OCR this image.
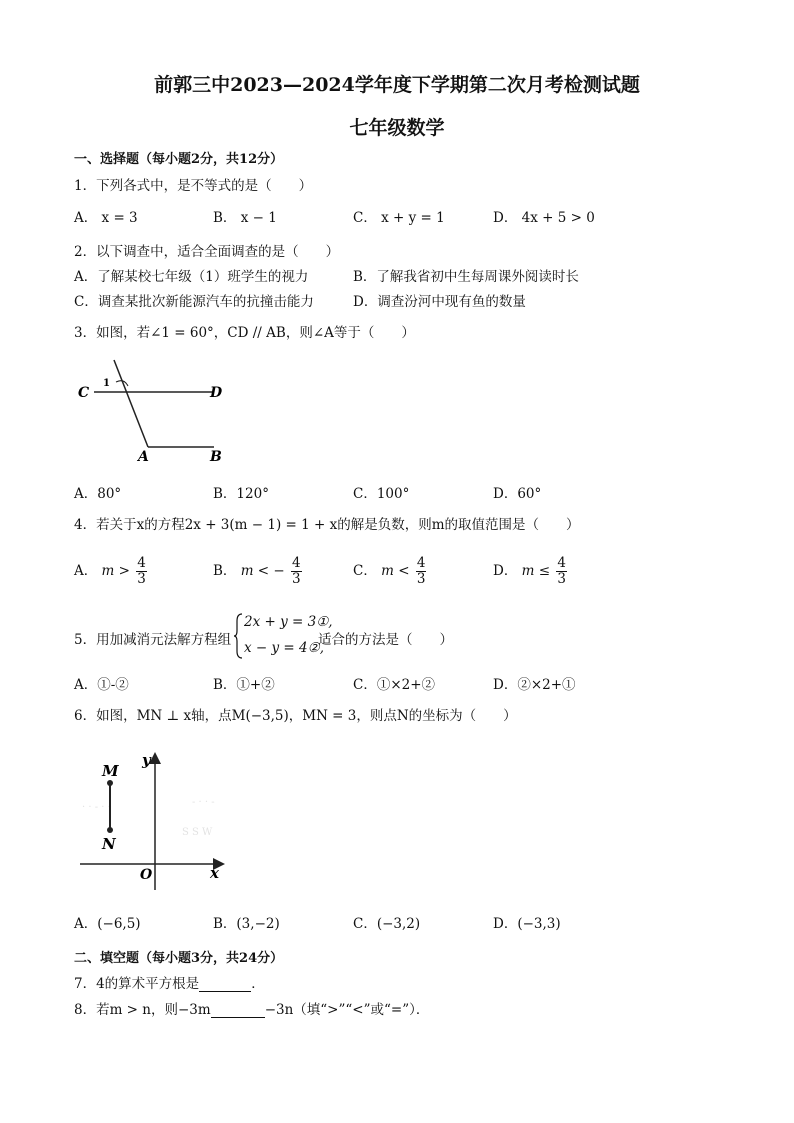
前郭三中2023—2024学年度下学期第二次月考检测试题
七年级数学
一、选择题（每小题2分，共12分）
1．下列各式中，是不等式的是（　　）
A． x = 3	B． x − 1	C． x + y = 1	D． 4x + 5 > 0
2．以下调查中，适合全面调查的是（　　）
A．了解某校七年级（1）班学生的视力	B．了解我省初中生每周课外阅读时长
C．调查某批次新能源汽车的抗撞击能力	D．调查汾河中现有鱼的数量
3．如图，若∠1 = 60°，CD // AB，则∠A等于（　　）
C
1
D
A	B
A．80°	B．120°	C．100°	D．60°
4．若关于x的方程2x + 3(m − 1) = 1 + x的解是负数，则m的取值范围是（　　）
A． $m > \frac{4}{3}$	B． m < − $\frac{4}{3}$	C． $m < \frac{4}{3}$	D． $m \le \frac{4}{3}$
5．用加减消元法解方程组
2x + y = 3①,
x − y = 4②,
适合的方法是（　　）
A．①-②	B．①+②	C．①×2+②	D．②×2+①
6．如图，MN ⊥ x轴，点M(−3,5)，MN = 3，则点N的坐标为（　　）
· · - · ·
S S W
- · · -
M
N
O	x
y
A．(−6,5)	B．(3,−2)	C．(−3,2)	D．(−3,3)
二、填空题（每小题3分，共24分）
7．4的算术平方根是	．
8．若m > n，则−3m	−3n（填“>”“<”或“=”）．
